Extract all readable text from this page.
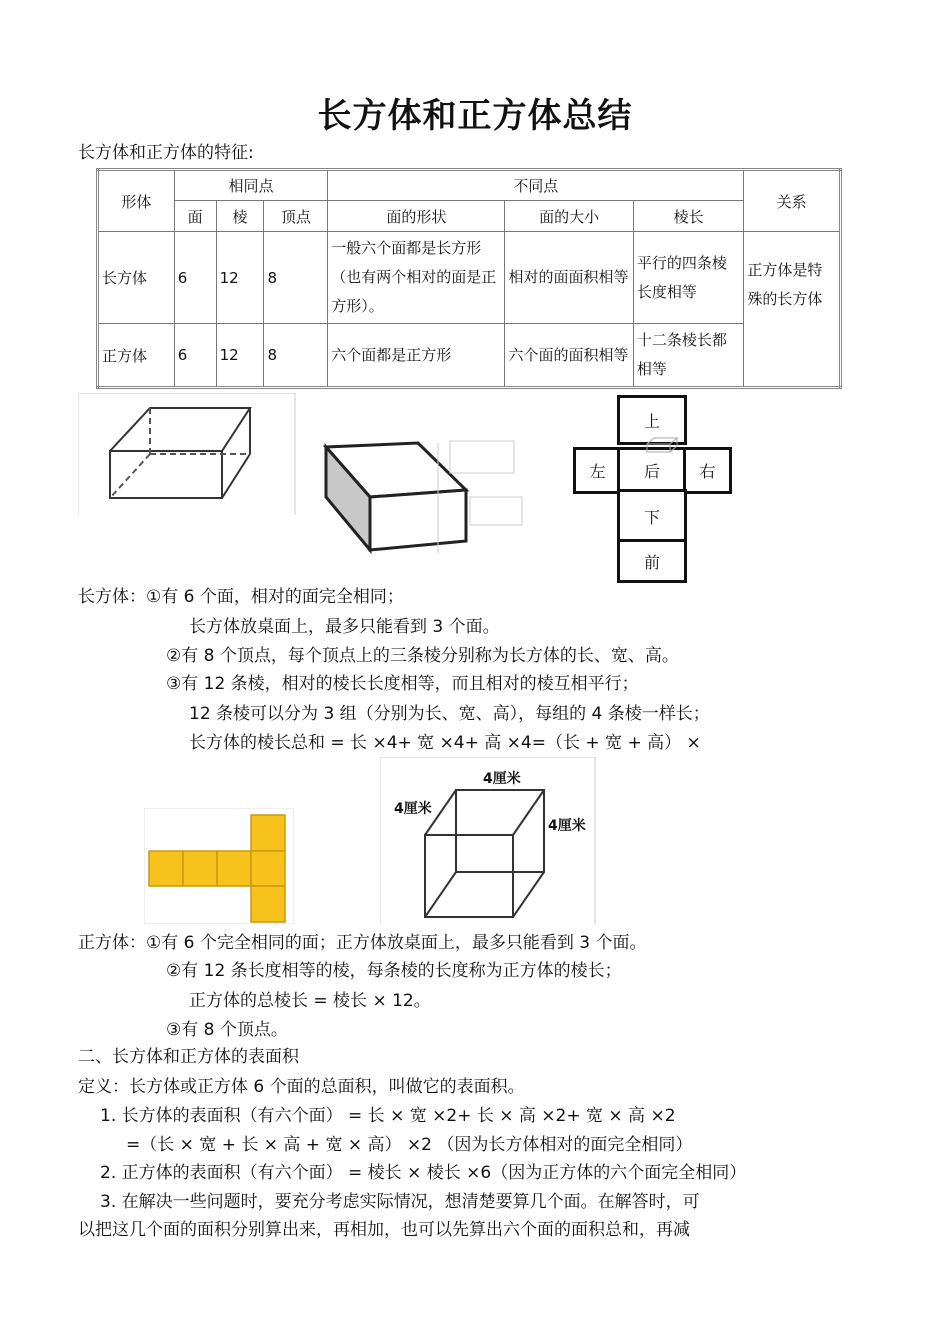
长方体和正方体总结
长方体和正方体的特征:
形体	相同点			不同点			关系
	面	棱	顶点	面的形状	面的大小	棱长	
长方体	6	12	8	一般六个面都是长方形（也有两个相对的面是正方形）。	相对的面面积相等	平行的四条棱长度相等	正方体是特殊的长方体
正方体	6	12	8	六个面都是正方形	六个面的面积相等	十二条棱长都相等	
上
左	后	右
下
前
长方体：①有 6 个面，相对的面完全相同；
长方体放桌面上，最多只能看到 3 个面。
②有 8 个顶点，每个顶点上的三条棱分别称为长方体的长、宽、高。
③有 12 条棱，相对的棱长长度相等，而且相对的棱互相平行；
12 条棱可以分为 3 组（分别为长、宽、高），每组的 4 条棱一样长；
长方体的棱长总和 = 长 ×4+ 宽 ×4+ 高 ×4=（长 + 宽 + 高） ×
4厘米
4厘米
4厘米
正方体：①有 6 个完全相同的面；正方体放桌面上，最多只能看到 3 个面。
②有 12 条长度相等的棱，每条棱的长度称为正方体的棱长；
正方体的总棱长 = 棱长 × 12。
③有 8 个顶点。
二、长方体和正方体的表面积
定义：长方体或正方体 6 个面的总面积，叫做它的表面积。
1. 长方体的表面积（有六个面） = 长 × 宽 ×2+ 长 × 高 ×2+ 宽 × 高 ×2
=（长 × 宽 + 长 × 高 + 宽 × 高） ×2 （因为长方体相对的面完全相同）
2. 正方体的表面积（有六个面） = 棱长 × 棱长 ×6（因为正方体的六个面完全相同）
3. 在解决一些问题时，要充分考虑实际情况，想清楚要算几个面。在解答时，可
以把这几个面的面积分别算出来，再相加，也可以先算出六个面的面积总和，再减
